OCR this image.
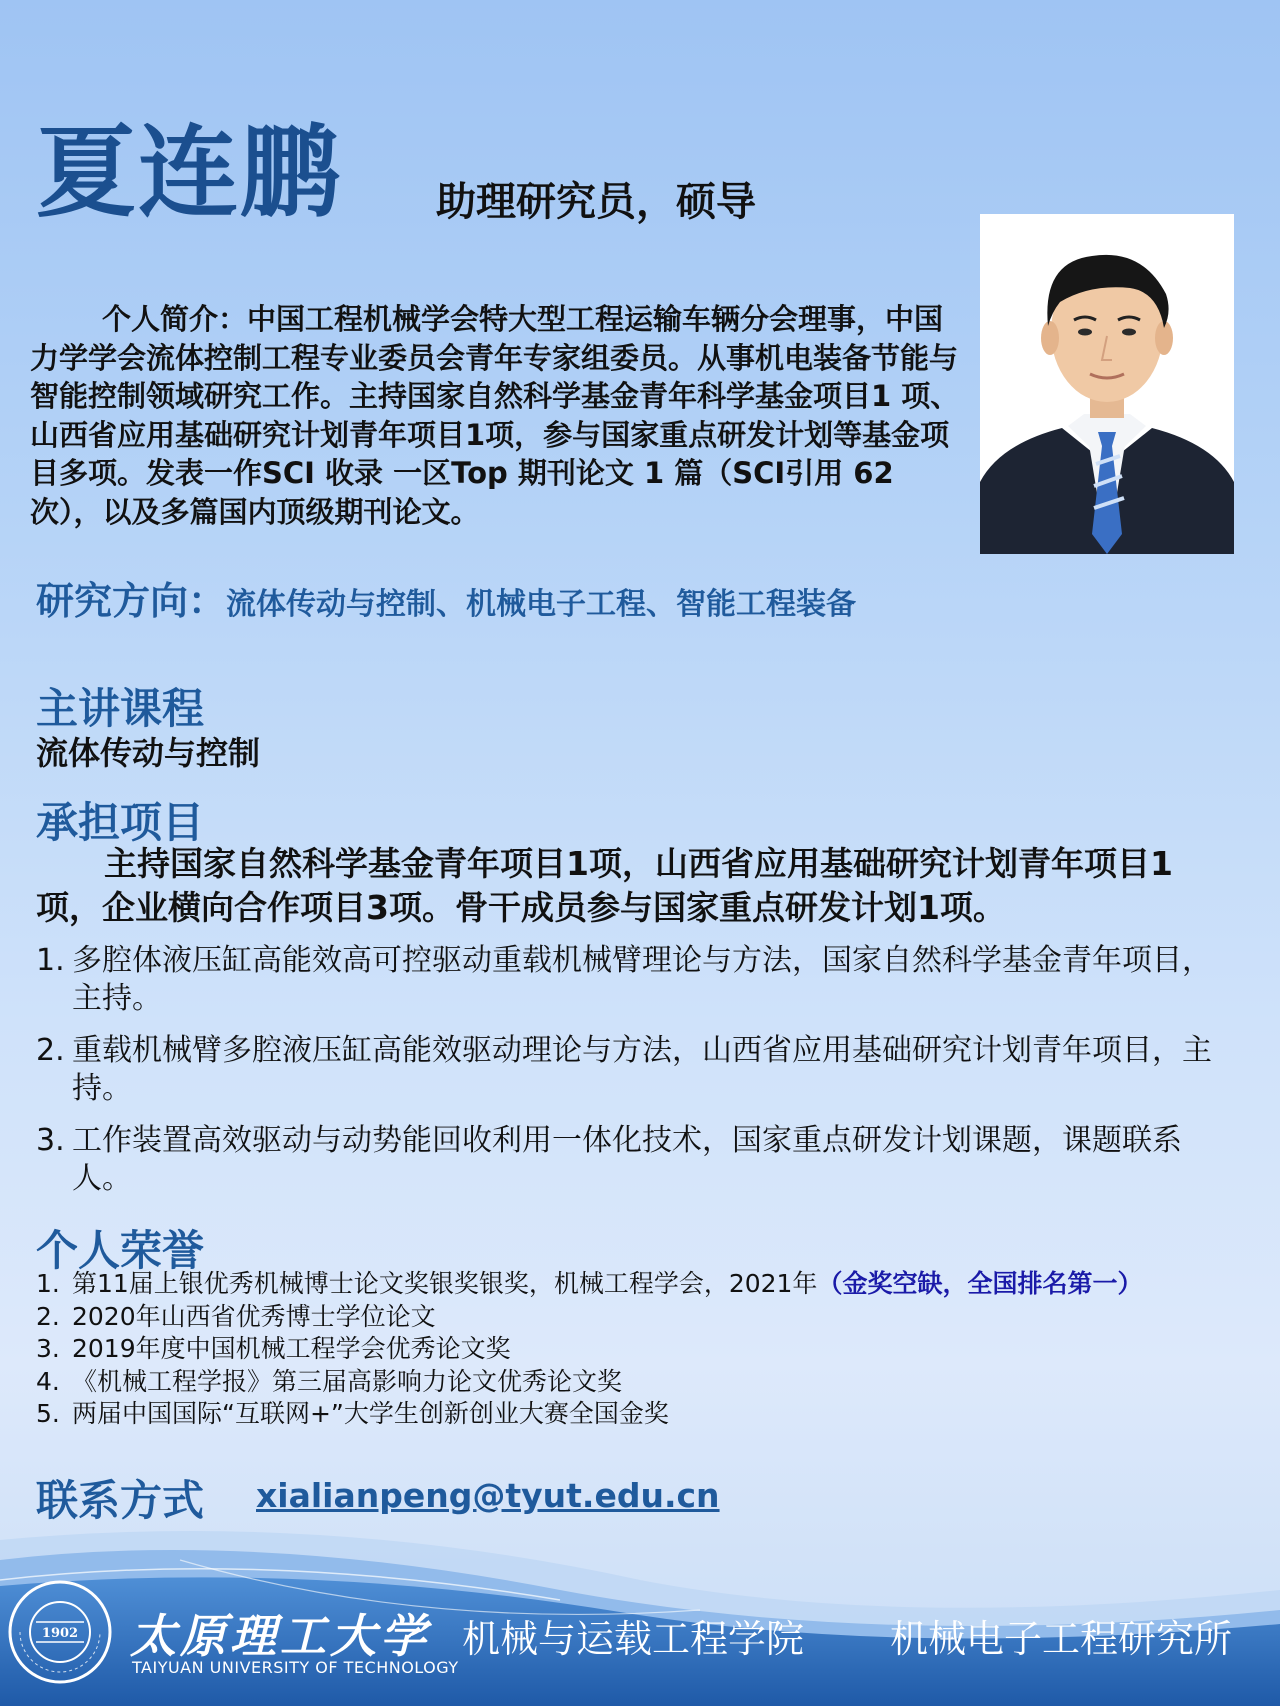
夏连鹏 助理研究员，硕导
个人简介：中国工程机械学会特大型工程运输车辆分会理事，中国力学学会流体控制工程专业委员会青年专家组委员。从事机电装备节能与智能控制领域研究工作。主持国家自然科学基金青年科学基金项目1 项、山西省应用基础研究计划青年项目1项，参与国家重点研发计划等基金项目多项。发表一作SCI 收录 一区Top 期刊论文 1 篇（SCI引用 62 次），以及多篇国内顶级期刊论文。
研究方向：流体传动与控制、机械电子工程、智能工程装备
主讲课程
流体传动与控制
承担项目
主持国家自然科学基金青年项目1项，山西省应用基础研究计划青年项目1项，企业横向合作项目3项。骨干成员参与国家重点研发计划1项。
1. 多腔体液压缸高能效高可控驱动重载机械臂理论与方法，国家自然科学基金青年项目，主持。
2. 重载机械臂多腔液压缸高能效驱动理论与方法，山西省应用基础研究计划青年项目，主持。
3. 工作装置高效驱动与动势能回收利用一体化技术，国家重点研发计划课题，课题联系人。
个人荣誉
1. 第11届上银优秀机械博士论文奖银奖银奖，机械工程学会，2021年（金奖空缺，全国排名第一）
2. 2020年山西省优秀博士学位论文
3. 2019年度中国机械工程学会优秀论文奖
4. 《机械工程学报》第三届高影响力论文优秀论文奖
5. 两届中国国际“互联网+”大学生创新创业大赛全国金奖
联系方式 xialianpeng@tyut.edu.cn
1902 太原理工大学
TAIYUAN UNIVERSITY OF TECHNOLOGY
机械与运载工程学院 机械电子工程研究所
